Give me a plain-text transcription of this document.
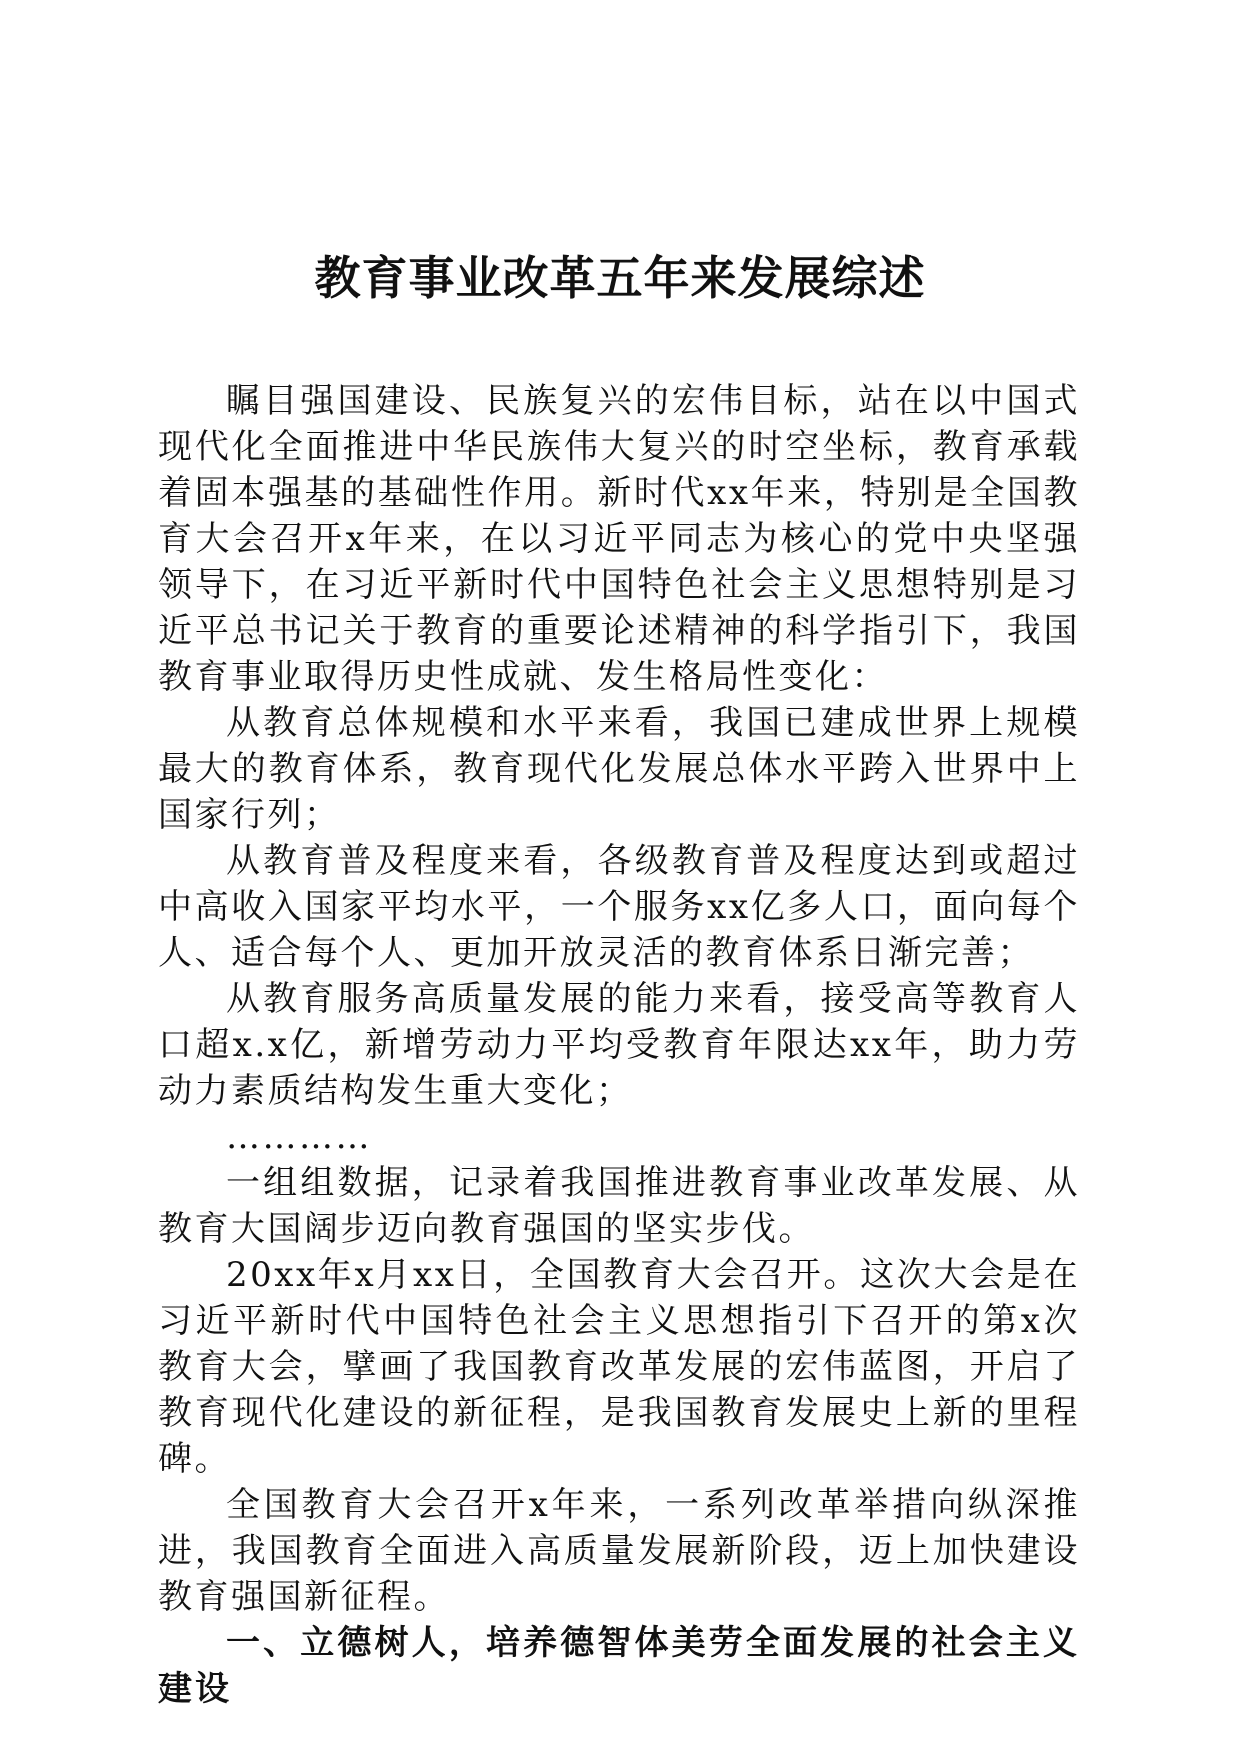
教育事业改革五年来发展综述

瞩目强国建设、民族复兴的宏伟目标，站在以中国式现代化全面推进中华民族伟大复兴的时空坐标，教育承载着固本强基的基础性作用。新时代xx年来，特别是全国教育大会召开x年来，在以习近平同志为核心的党中央坚强领导下，在习近平新时代中国特色社会主义思想特别是习近平总书记关于教育的重要论述精神的科学指引下，我国教育事业取得历史性成就、发生格局性变化：

从教育总体规模和水平来看，我国已建成世界上规模最大的教育体系，教育现代化发展总体水平跨入世界中上国家行列；

从教育普及程度来看，各级教育普及程度达到或超过中高收入国家平均水平，一个服务xx亿多人口，面向每个人、适合每个人、更加开放灵活的教育体系日渐完善；

从教育服务高质量发展的能力来看，接受高等教育人口超x.x亿，新增劳动力平均受教育年限达xx年，助力劳动力素质结构发生重大变化；

…………

一组组数据，记录着我国推进教育事业改革发展、从教育大国阔步迈向教育强国的坚实步伐。

20xx年x月xx日，全国教育大会召开。这次大会是在习近平新时代中国特色社会主义思想指引下召开的第x次教育大会，擘画了我国教育改革发展的宏伟蓝图，开启了教育现代化建设的新征程，是我国教育发展史上新的里程碑。

全国教育大会召开x年来，一系列改革举措向纵深推进，我国教育全面进入高质量发展新阶段，迈上加快建设教育强国新征程。

一、立德树人，培养德智体美劳全面发展的社会主义建设
